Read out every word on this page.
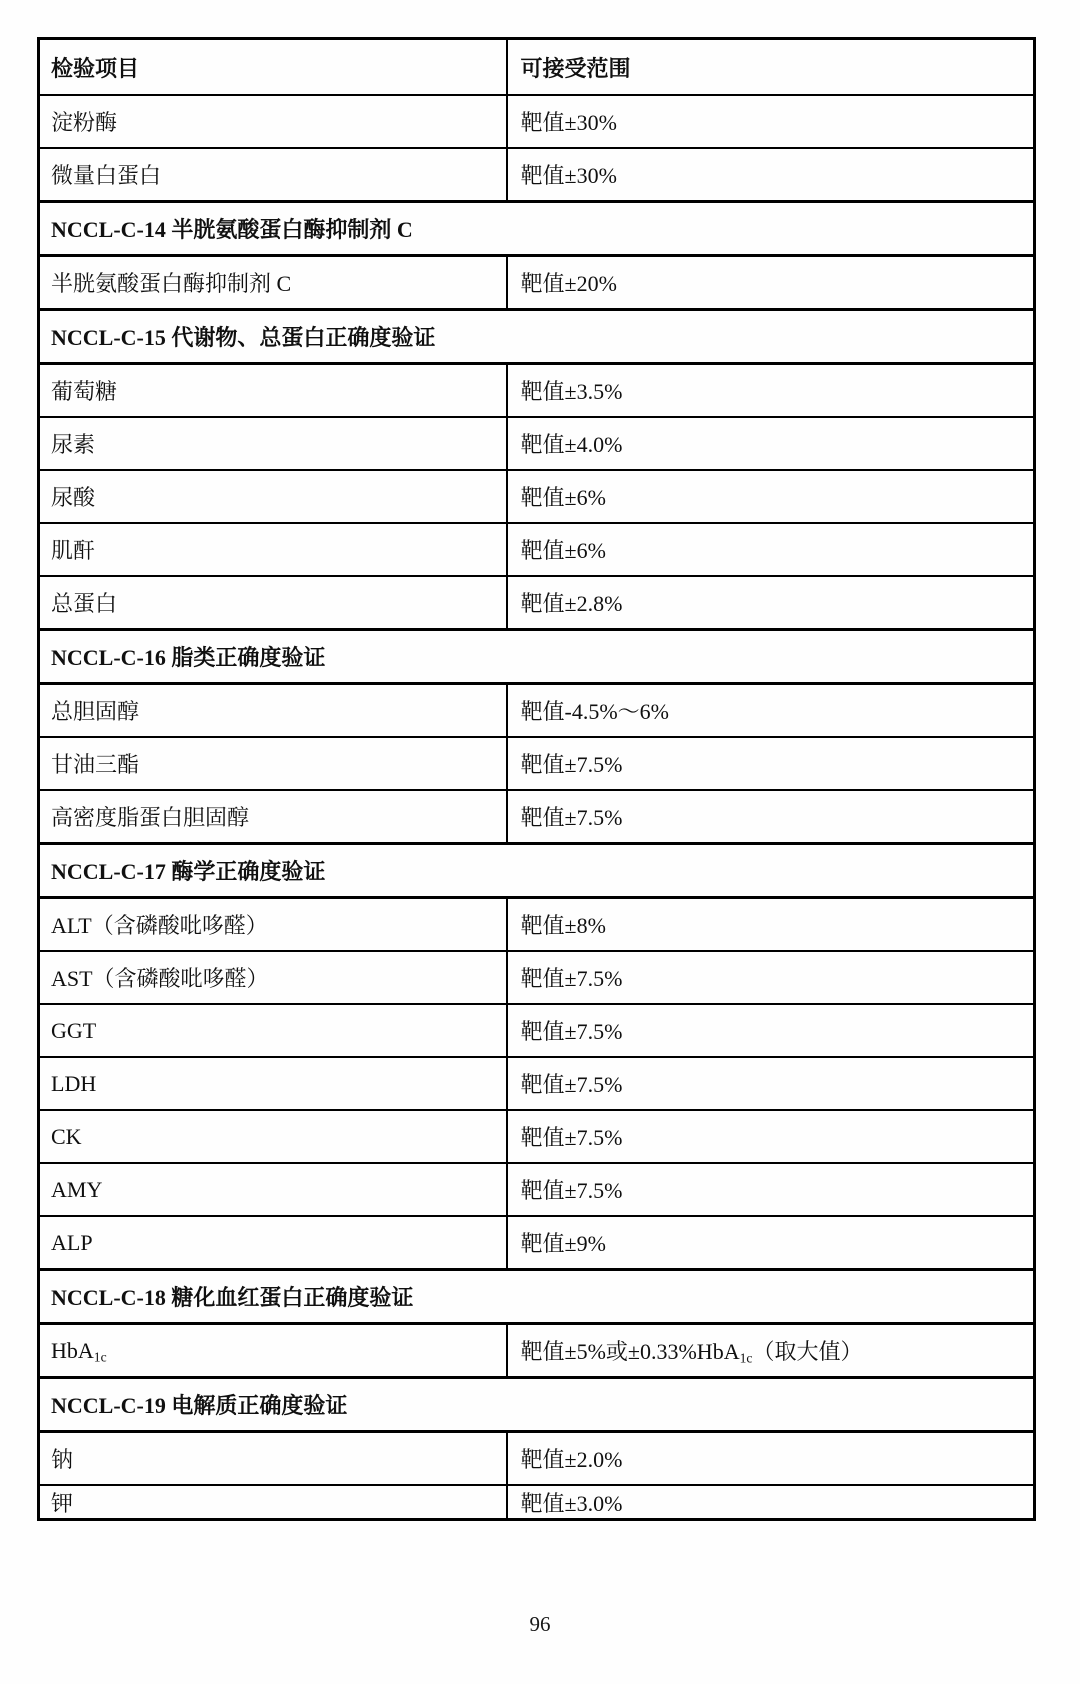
检验项目	可接受范围
淀粉酶	靶值±30%
微量白蛋白	靶值±30%
NCCL-C-14 半胱氨酸蛋白酶抑制剂 C	
半胱氨酸蛋白酶抑制剂 C	靶值±20%
NCCL-C-15 代谢物、总蛋白正确度验证	
葡萄糖	靶值±3.5%
尿素	靶值±4.0%
尿酸	靶值±6%
肌酐	靶值±6%
总蛋白	靶值±2.8%
NCCL-C-16 脂类正确度验证	
总胆固醇	靶值-4.5%～6%
甘油三酯	靶值±7.5%
高密度脂蛋白胆固醇	靶值±7.5%
NCCL-C-17 酶学正确度验证	
ALT（含磷酸吡哆醛）	靶值±8%
AST（含磷酸吡哆醛）	靶值±7.5%
GGT	靶值±7.5%
LDH	靶值±7.5%
CK	靶值±7.5%
AMY	靶值±7.5%
ALP	靶值±9%
NCCL-C-18 糖化血红蛋白正确度验证	
HbA$_{1c}$	靶值±5%或±0.33%HbA$_{1c}$（取大值）
NCCL-C-19 电解质正确度验证	
钠	靶值±2.0%
钾	靶值±3.0%
96
